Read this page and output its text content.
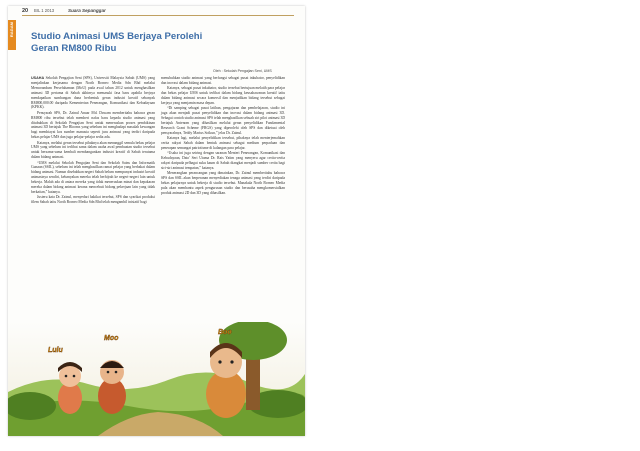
20 BIL 1 2013	Suara Sepanggar
RAGAM Studio Animasi UMS Berjaya Perolehi
Geran RM800 Ribu
Oleh : Sekolah Pengajian Seni, UMS

USAHA Sekolah Pengajian Seni (SPS), Universiti Malaysia Sabah (UMS) yang menjalinkan kerjasama dengan North Borneo Media Sdn Bhd melalui Memorandum Persefahaman (MoU) pada awal tahun 2012 untuk menghasilkan animasi 3D pertama di Sabah akhirnya memasuki fasa baru apabila berjaya mendapatkan sumbangan dana berbentuk geran industri kreatif sebanyak RM800,000.00 daripada Kementerian Penerangan, Komunikasi dan Kebudayaan (KPKK).

Pensyarah SPS, Dr. Zainul Anuar Md. Dawam memberitahu bahawa geran RM800 ribu tersebut telah memberi nafas baru kepada studio animasi yang ditubuhkan di Sekolah Pengajian Seni untuk meneruskan proses pembikinan animasi 3D bertajuk The Blooms yang sebelum ini menghadapi masalah kewangan bagi membiayai kos sumber manusia seperti juru animasi yang terdiri daripada bekas pelajar UMS dan juga pelajar-pelajar sedia ada.

Katanya, melalui geran tersebut pihaknya akan menanggil semula bekas pelajar UMS yang sebelum ini terlibat sama dalam usaha awal pembuatan studio tersebut untuk bersama-sama kembali membangunkan industri kreatif di Sabah terutama dalam bidang animasi.

“UMS melalui Sekolah Pengajian Seni dan Sekolah Sains dan Informatik Gunaan (SSIL), sebelum ini telah menghasilkan ramai pelajar yang berbakat dalam bidang animasi. Namun disebabkan negeri Sabah belum mempunyai industri kreatif animasinya sendiri, kebanyakan mereka telah berhijrah ke negeri-negeri lain untuk bekerja. Malah ada di antara mereka yang tidak meneruskan minat dan kepakaran mereka dalam bidang animasi kerana mencebuti bidang pekerjaan lain yang tidak berkaitan,” katanya.

Justeru kata Dr. Zainul, menyedari hakikat tersebut, SPS dan syarikat produksi filem Sabah iaitu North Borneo Media Sdn Bhd telah mengambil inisiatif bagi

menubuhkan studio animasi yang berfungsi sebagai pusat inkubator, penyelidikan dan inovasi dalam bidang animasi.

Katanya, sebagai pusat inkubator, studio tersebut bertujuan melatih para pelajar dan bekas pelajar UMS untuk terlibat dalam bidang keusahawanan kreatif iaitu dalam bidang animasi secara komersil dan menjadikan bidang tersebut sebagai kerjaya yang menjamin masa depan.

“Di samping sebagai pusat latihan, pengajaran dan pembelajaran, studio ini juga akan menjadi pusat penyelidikan dan inovasi dalam bidang animasi 3D. Sebagai contoh studio animasi SPS telah menghasilkan sebuah siri pilot animasi 3D bertajuk Antenom yang dihasilkan melalui geran penyelidikan Fundamental Research Grant Scheme (FRGS) yang diperolehi oleh SPS dan diketuai oleh pensyarahnya, Teddy Marius Soikun,” jelas Dr. Zainul.

Katanya lagi, melalui penyelidikan tersebut, pihaknya telah menterjemahkan cerita rakyat Sabah dalam bentuk animasi sebagai medium perpaduan dan penerapan semangat patriotisme di kalangan para pelajar.

“Usaha ini juga seiring dengan saranan Menteri Penerangan, Komunikasi dan Kebudayaan, Dato' Seri Utama Dr. Rais Yatim yang menyeru agar cerita-cerita rakyat daripada pelbagai suku kaum di Sabah diangkat menjadi sumber cerita bagi siri-siri animasi tempatan,” katanya.

Menerangkan perancangan yang dimainkan, Dr. Zainul memberitahu bahawa SPS dan SSIL akan berperanan menyediakan tenaga animasi yang terdiri daripada bekas pelajarnya untuk bekerja di studio tersebut. Manakala North Borneo Media pula akan membantu aspek pengurusan studio dan berusaha mengkomersialkan produk animasi 2D dan 3D yang dihasilkan.

Lulu
Moo
Boo
